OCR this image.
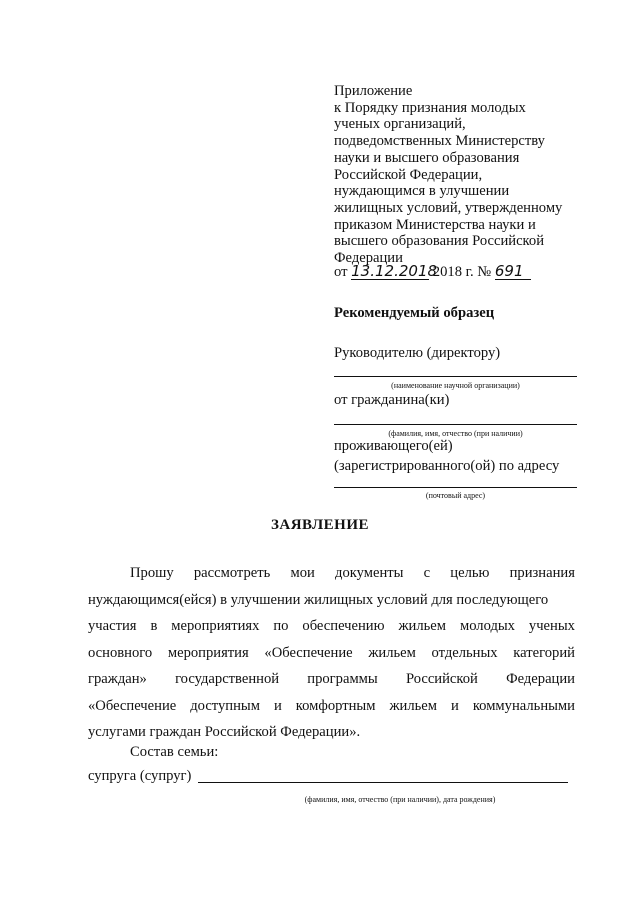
Приложение
к Порядку признания молодых
ученых организаций,
подведомственных Министерству
науки и высшего образования
Российской Федерации,
нуждающимся в улучшении
жилищных условий, утвержденному
приказом Министерства науки и
высшего образования Российской
Федерации
от 13.12.2018 2018 г. № 691
Рекомендуемый образец
Руководителю (директору)
(наименование научной организации)
от гражданина(ки)
(фамилия, имя, отчество (при наличии)
проживающего(ей)
(зарегистрированного(ой) по адресу
(почтовый адрес)
ЗАЯВЛЕНИЕ
Прошу рассмотреть мои документы с целью признания
нуждающимся(ейся) в улучшении жилищных условий для последующего
участия в мероприятиях по обеспечению жильем молодых ученых
основного мероприятия «Обеспечение жильем отдельных категорий
граждан» государственной программы Российской Федерации
«Обеспечение доступным и комфортным жильем и коммунальными
услугами граждан Российской Федерации».
Состав семьи:
супруга (супруг)
(фамилия, имя, отчество (при наличии), дата рождения)
